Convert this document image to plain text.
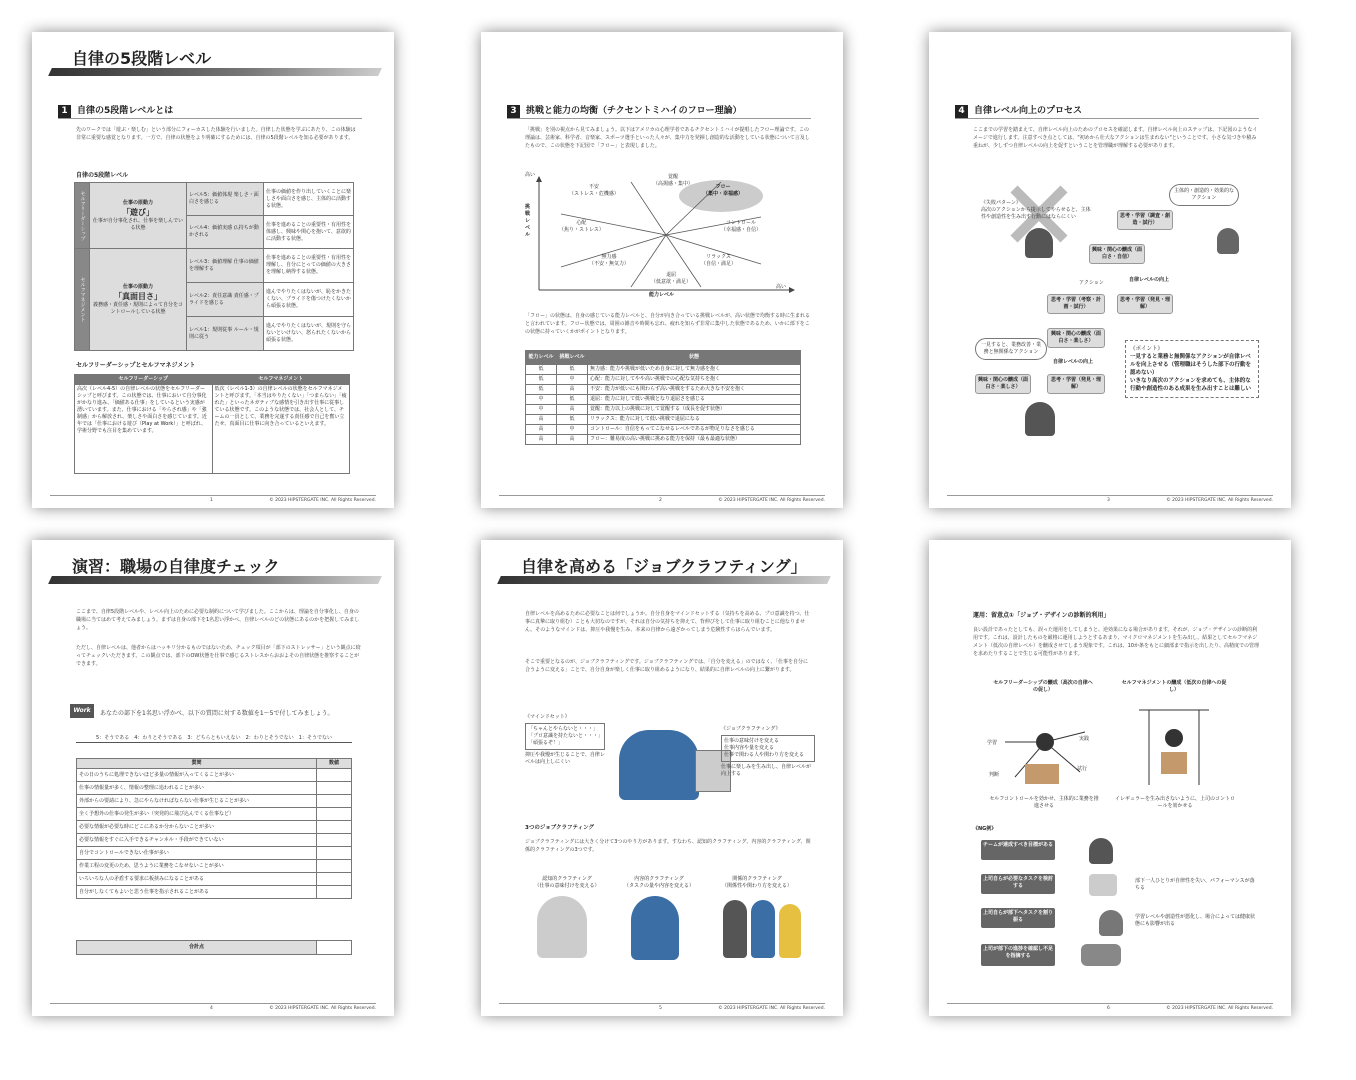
自律の5段階レベル
1 自律の5段階レベルとは
先のワークでは「遊ぶ・楽しむ」という部分にフォーカスした体験を行いました。自律した状態を学ぶにあたり、この体験は非常に重要な感覚となります。一方で、自律の状態をより明確にするためには、自律の5段階レベルを知る必要があります。
自律の5段階レベル
セルフリーダーシップ	仕事の原動力
「遊び」
仕事が自分事化され、仕事を楽しんでいる状態	レベル5：価値体現 楽しさ・面白さを感じる	仕事の価値を作り出していくことに楽しさや面白さを感じ、主体的に活動する状態。
		レベル4：価値実感 仏持ちが動かされる	仕事を進めることの重要性・有用性を体感し、興味や関心を抱いて、意欲的に活動する状態。
セルフマネジメント	仕事の原動力
「真面目さ」
義務感・責任感・規則によって自分をコントロールしている状態	レベル3：価値理解 仕事の価値を理解する	仕事を進めることの重要性・有用性を理解し、自分にとっての価値の大きさを理解し納得する状態。
		レベル2：責任意識 責任感・プライドを感じる	進んでやりたくはないが、恥をかきたくない、プライドを傷つけたくないから頑張る状態。
		レベル1：規則従事 ルール・規則に従う	進んでやりたくはないが、規則を守らないといけない、怒られたくないから頑張る状態。
セルフリーダーシップとセルフマネジメント
セルフリーダーシップ	セルフマネジメント
高次（レベル4-5）の自律レベルの状態をセルフリーダーシップと呼びます。この状態では、仕事において自分事化がかなり進み、「価値ある仕事」をしているという実感が湧いています。また、仕事における「やらされ感」や「強制感」から解放され、楽しさや面白さを感じています。近年では「仕事における遊び（Play at Work）」と呼ばれ、学術分野でも注目を集めています。	低次（レベル1-3）の自律レベルの状態をセルフマネジメントと呼びます。「本当はやりたくない」「つまらない」「疲れた」といったネガティブな感情を引き出す仕事に従事している状態です。このような状態では、社会人として、チームの一員として、業務を完遂する責任感で自己を奮い立たせ、真面目に仕事に向き合っているといえます。
1	© 2023 HIPSTERGATE INC. All Rights Reserved.
3 挑戦と能力の均衡（チクセントミハイのフロー理論）
「挑戦」を別の視点から見てみましょう。以下はアメリカの心理学者であるチクセントミハイが提唱したフロー理論です。この理論は、芸術家、科学者、音楽家、スポーツ選手といった人々が、集中力を発揮し創造的な活動をしている状態について言及したもので、この状態を下記図で「フロー」と表現しました。
高い
挑戦レベル
高い
能力レベル
覚醒
（高揚感・集中）	フロー
（集中・幸福感）
不安
（ストレス・危機感）
コントロール
（幸福感・自信）
心配
（焦り・ストレス）
リラックス
（自信・満足）
無力感
（不安・無気力）
退屈
（低意欲・満足）
「フロー」の状態は、自身の感じている能力レベルと、自分が向き合っている挑戦レベルが、高い状態で均衡する時に生まれると言われています。フロー状態では、周囲の雑音や時間も忘れ、疲れを知らず非常に集中した状態であるため、いかに部下をこの状態に持っていくかがポイントとなります。
能力レベル	挑戦レベル	状態
低	低	無力感：能力や挑戦が低いため自身に対して無力感を抱く
低	中	心配：能力に対してやや高い挑戦での心配な気持ちを抱く
低	高	不安：能力が低いにも関わらず高い挑戦をするため大きな不安を抱く
中	低	退屈：能力に対して低い挑戦となり退屈さを感じる
中	高	覚醒：能力以上の挑戦に対して覚醒する（成長を促す状態）
高	低	リラックス：能力に対して低い挑戦で退屈になる
高	中	コントロール：自信をもってこなせるレベルであるが物足りなさを感じる
高	高	フロー：難易度の高い挑戦に挑める能力を保持（最も最適な状態）
2	© 2023 HIPSTERGATE INC. All Rights Reserved.
4 自律レベル向上のプロセス
ここまでの学習を踏まえて、自律レベル向上のためのプロセスを確認します。自律レベル向上のステップは、下記図のようなイメージで進行します。注意すべき点としては、"初めから壮大なアクションは生まれない"ということです。小さな気づきや積み重ねが、少しずつ自律レベルの向上を促すということを管理職が理解する必要があります。
《失敗パターン》
高次のアクションから提示してやらせると、主体性や創造性を生み出す行動にはならにくい
主体的・創造的・効果的なアクション
思考・学習（調査・創造・試行）
興味・関心の醸成（面白さ・自信）
自律レベルの向上
アクション
思考・学習（考察・計画・試行）
思考・学習（発見・理解）
興味・関心の醸成（面白さ・楽しさ）
自律レベルの向上
一見すると、業務改善・業務と無関係なアクション
興味・関心の醸成（面白さ・楽しさ）
思考・学習（発見・理解）
《ポイント》
一見すると業務と無関係なアクションが自律レベルを向上させる（管理職はそうした部下の行動を認めない）
いきなり高次のアクションを求めても、主体的な行動や創造性のある成果を生み出すことは難しい
3	© 2023 HIPSTERGATE INC. All Rights Reserved.
演習：職場の自律度チェック
ここまで、自律5段階レベルや、レベル向上のために必要な制約について学びました。ここからは、理論を自分事化し、自身の職場に当てはめて考えてみましょう。まずは自身の部下を1名思い浮かべ、自律レベルのどの状態にあるのかを把握してみましょう。
ただし、自律レベルは、他者からはハッキリ分かるものではないため、チェック項目が「部下のストレッサー」という観点に絞ってチェックいただきます。この観点では、部下のOW状態を仕事で感じるストレスからおおよその自律状態を推察することができます。
Work	あなたの部下を1名思い浮かべ、以下の質問に対する数値を1～5で付してみましょう。
5：そうである　4：わりとそうである　3：どちらともいえない　2：わりとそうでない　1：そうでない
質問	数値
その日のうちに処理できないほど多量の情報が入ってくることが多い	
仕事の情報量が多く、情報の整理に追われることが多い	
外部からの要請により、急にやらなければならない仕事が生じることが多い	
全く予想外の仕事の発生が多い（突発的に飛び込んでくる仕事など）	
必要な情報が必要な時にどこにあるか分からないことが多い	
必要な情報をすぐに入手できるチャンネル・手段ができていない	
自分でコントロールできない仕事が多い	
作業工程の変更のため、思うように業務をこなせないことが多い	
いろいろな人の矛盾する要求に板挟みになることがある	
自分がしなくてもよいと思う仕事を指示されることがある	
合計点	
4	© 2023 HIPSTERGATE INC. All Rights Reserved.
自律を高める「ジョブクラフティング」
自律レベルを高めるために必要なことは何でしょうか。自分自身をマインドセットする（気持ちを高める、プロ意識を持つ、仕事に真摯に取り組む）ことも大切なのですが、それは自分の気持ちを抑えて、背伸びをして仕事に取り組むことに他なりません。そのようなマインドは、抑圧や我慢を生み、本来の自律から遠ざかってしまう危険性すらはらんでいます。
そこで重要となるのが、ジョブクラフティングです。ジョブクラフティングでは、「自分を変える」のではなく、「仕事を自分に合うように変える」ことで、自分自身が楽しく仕事に取り組めるようになり、結果的に自律レベルの向上に繋がります。
《マインドセット》
「ちゃんとやらないと・・・」「プロ意識を持たないと・・・」「頑張るぞ！」
抑圧や我慢が生じることで、自律レベルは向上しにくい
《ジョブクラフティング》
仕事の意味付けを変える
仕事内容や量を変える
仕事で関わる人や関わり方を変える
仕事に楽しみを生み出し、自律レベルが向上する
3つのジョブクラフティング
ジョブクラフティングには大きく分けて3つのやり方があります。すなわち、認知的クラフティング、内容的クラフティング、関係的クラフティングの3つです。
認知的クラフティング
（仕事の意味付けを変える）
内容的クラフティング
（タスクの量や内容を変える）
関係的クラフティング
（関係性や関わり方を変える）
5	© 2023 HIPSTERGATE INC. All Rights Reserved.
運用：留意点①「ジョブ・デザインの診断的利用」
良い設計であったとしても、誤った運用をしてしまうと、逆効果になる場合があります。それが、ジョブ・デザインの診断的利用です。これは、設計したものを厳格に運用しようとするあまり、マイクロマネジメントを生み出し、結果としてセルフマネジメント（低次の自律レベル）を醸成させてしまう現象です。これは、10か条をもとに細部まで指示を出したり、高精度での管理を求めたりすることで生じる可能性があります。
セルフリーダーシップの醸成（高次の自律への促し）
セルフマネジメントの醸成（低次の自律への促し）
学習
実践
判断
試行
セルフコントロールを効かせ、主体的に業務を推進させる
イレギュラーを生み出さないように、上司のコントロールを効かせる
《NG例》
チームが達成すべき目標がある
上司自らが必要なタスクを検討する
上司自らが部下へタスクを割り振る
上司が部下の進捗を確認し不足を指摘する
部下一人ひとりが自律性を失い、パフォーマンスが落ちる
学習レベルや創造性が悪化し、場合によっては健康状態にも影響が出る
6	© 2023 HIPSTERGATE INC. All Rights Reserved.
